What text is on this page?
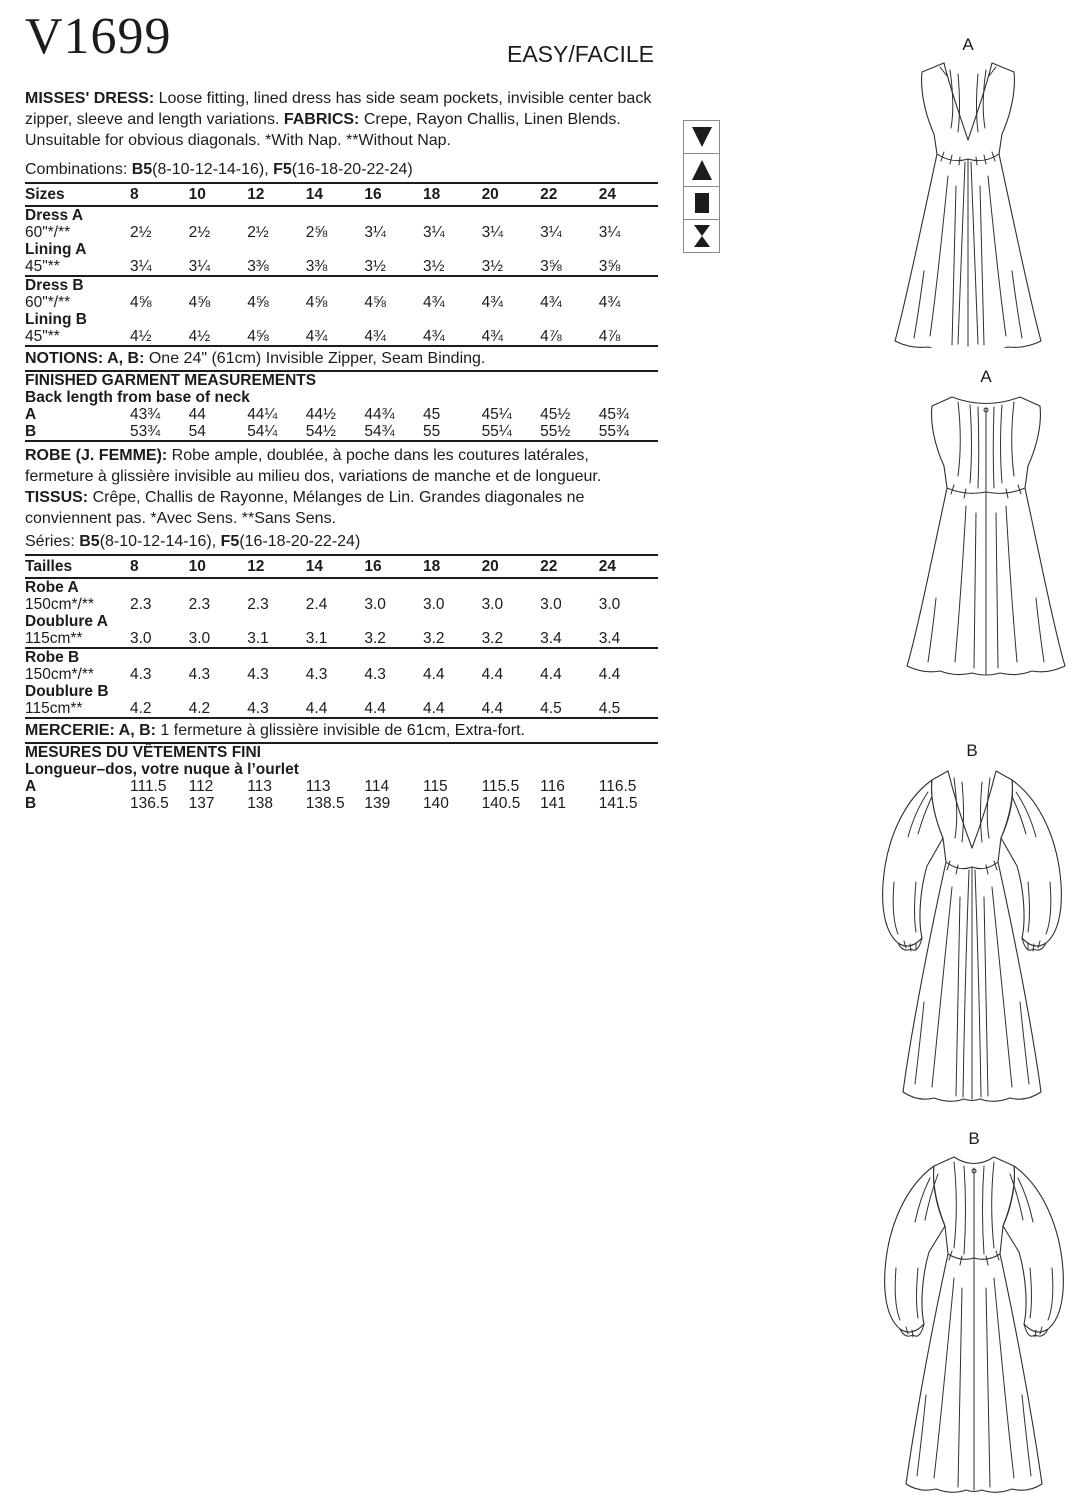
V1699	EASY/FACILE
MISSES' DRESS: Loose fitting, lined dress has side seam pockets, invisible center back zipper, sleeve and length variations. FABRICS: Crepe, Rayon Challis, Linen Blends. Unsuitable for obvious diagonals. *With Nap. **Without Nap.
Combinations: B5(8-10-12-14-16), F5(16-18-20-22-24)
Sizes	8	10	12	14	16	18	20	22	24
Dress A
60"*/**	2½	2½	2½	2⅝	3¼	3¼	3¼	3¼	3¼
Lining A
45"**	3¼	3¼	3⅜	3⅜	3½	3½	3½	3⅝	3⅝
Dress B
60"*/**	4⅝	4⅝	4⅝	4⅝	4⅝	4¾	4¾	4¾	4¾
Lining B
45"**	4½	4½	4⅝	4¾	4¾	4¾	4¾	4⅞	4⅞
NOTIONS: A, B: One 24" (61cm) Invisible Zipper, Seam Binding.
FINISHED GARMENT MEASUREMENTS
Back length from base of neck
A	43¾	44	44¼	44½	44¾	45	45¼	45½	45¾
B	53¾	54	54¼	54½	54¾	55	55¼	55½	55¾
ROBE (J. FEMME): Robe ample, doublée, à poche dans les coutures latérales, fermeture à glissière invisible au milieu dos, variations de manche et de longueur. TISSUS: Crêpe, Challis de Rayonne, Mélanges de Lin. Grandes diagonales ne conviennent pas. *Avec Sens. **Sans Sens.
Séries: B5(8-10-12-14-16), F5(16-18-20-22-24)
Tailles	8	10	12	14	16	18	20	22	24
Robe A
150cm*/**	2.3	2.3	2.3	2.4	3.0	3.0	3.0	3.0	3.0
Doublure A
115cm**	3.0	3.0	3.1	3.1	3.2	3.2	3.2	3.4	3.4
Robe B
150cm*/**	4.3	4.3	4.3	4.3	4.3	4.4	4.4	4.4	4.4
Doublure B
115cm**	4.2	4.2	4.3	4.4	4.4	4.4	4.4	4.5	4.5
MERCERIE: A, B: 1 fermeture à glissière invisible de 61cm, Extra-fort.
MESURES DU VÊTEMENTS FINI
Longueur–dos, votre nuque à l’ourlet
A	111.5	112	113	113	114	115	115.5	116	116.5
B	136.5	137	138	138.5	139	140	140.5	141	141.5
A
A
B
B
